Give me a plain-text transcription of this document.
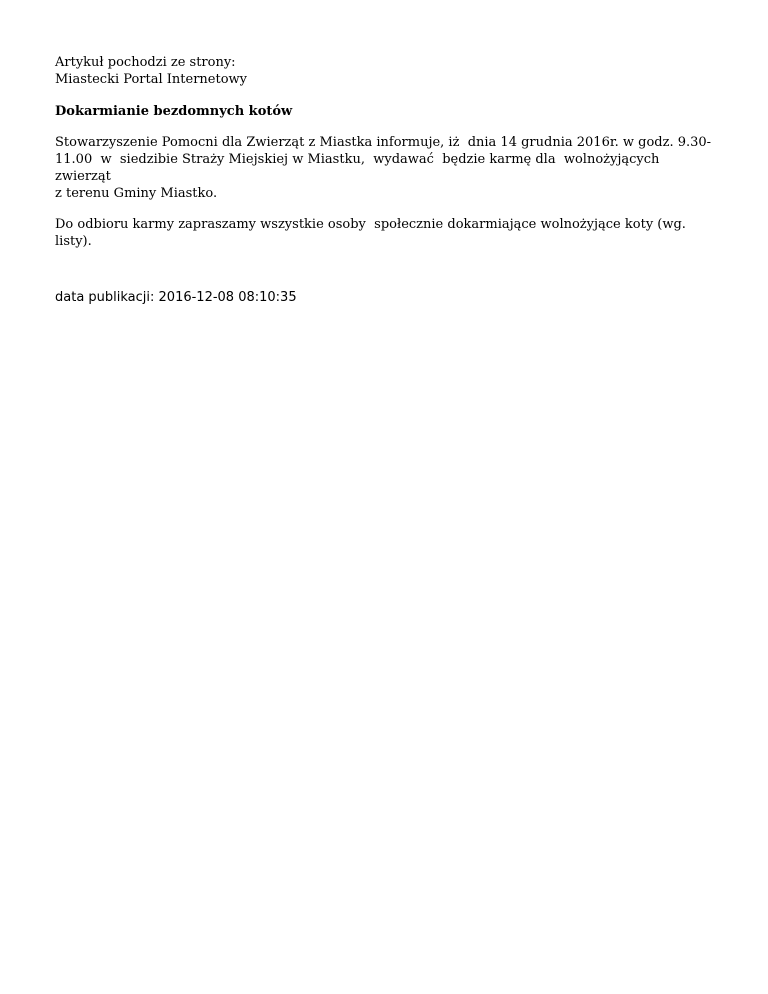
Artykuł pochodzi ze strony:
Miastecki Portal Internetowy

Dokarmianie bezdomnych kotów

Stowarzyszenie Pomocni dla Zwierząt z Miastka informuje, iż  dnia 14 grudnia 2016r. w godz. 9.30-
11.00  w  siedzibie Straży Miejskiej w Miastku,  wydawać  będzie karmę dla  wolnożyjących zwierząt
z terenu Gminy Miastko.

Do odbioru karmy zapraszamy wszystkie osoby  społecznie dokarmiające wolnożyjące koty (wg.
listy).

data publikacji: 2016-12-08 08:10:35
